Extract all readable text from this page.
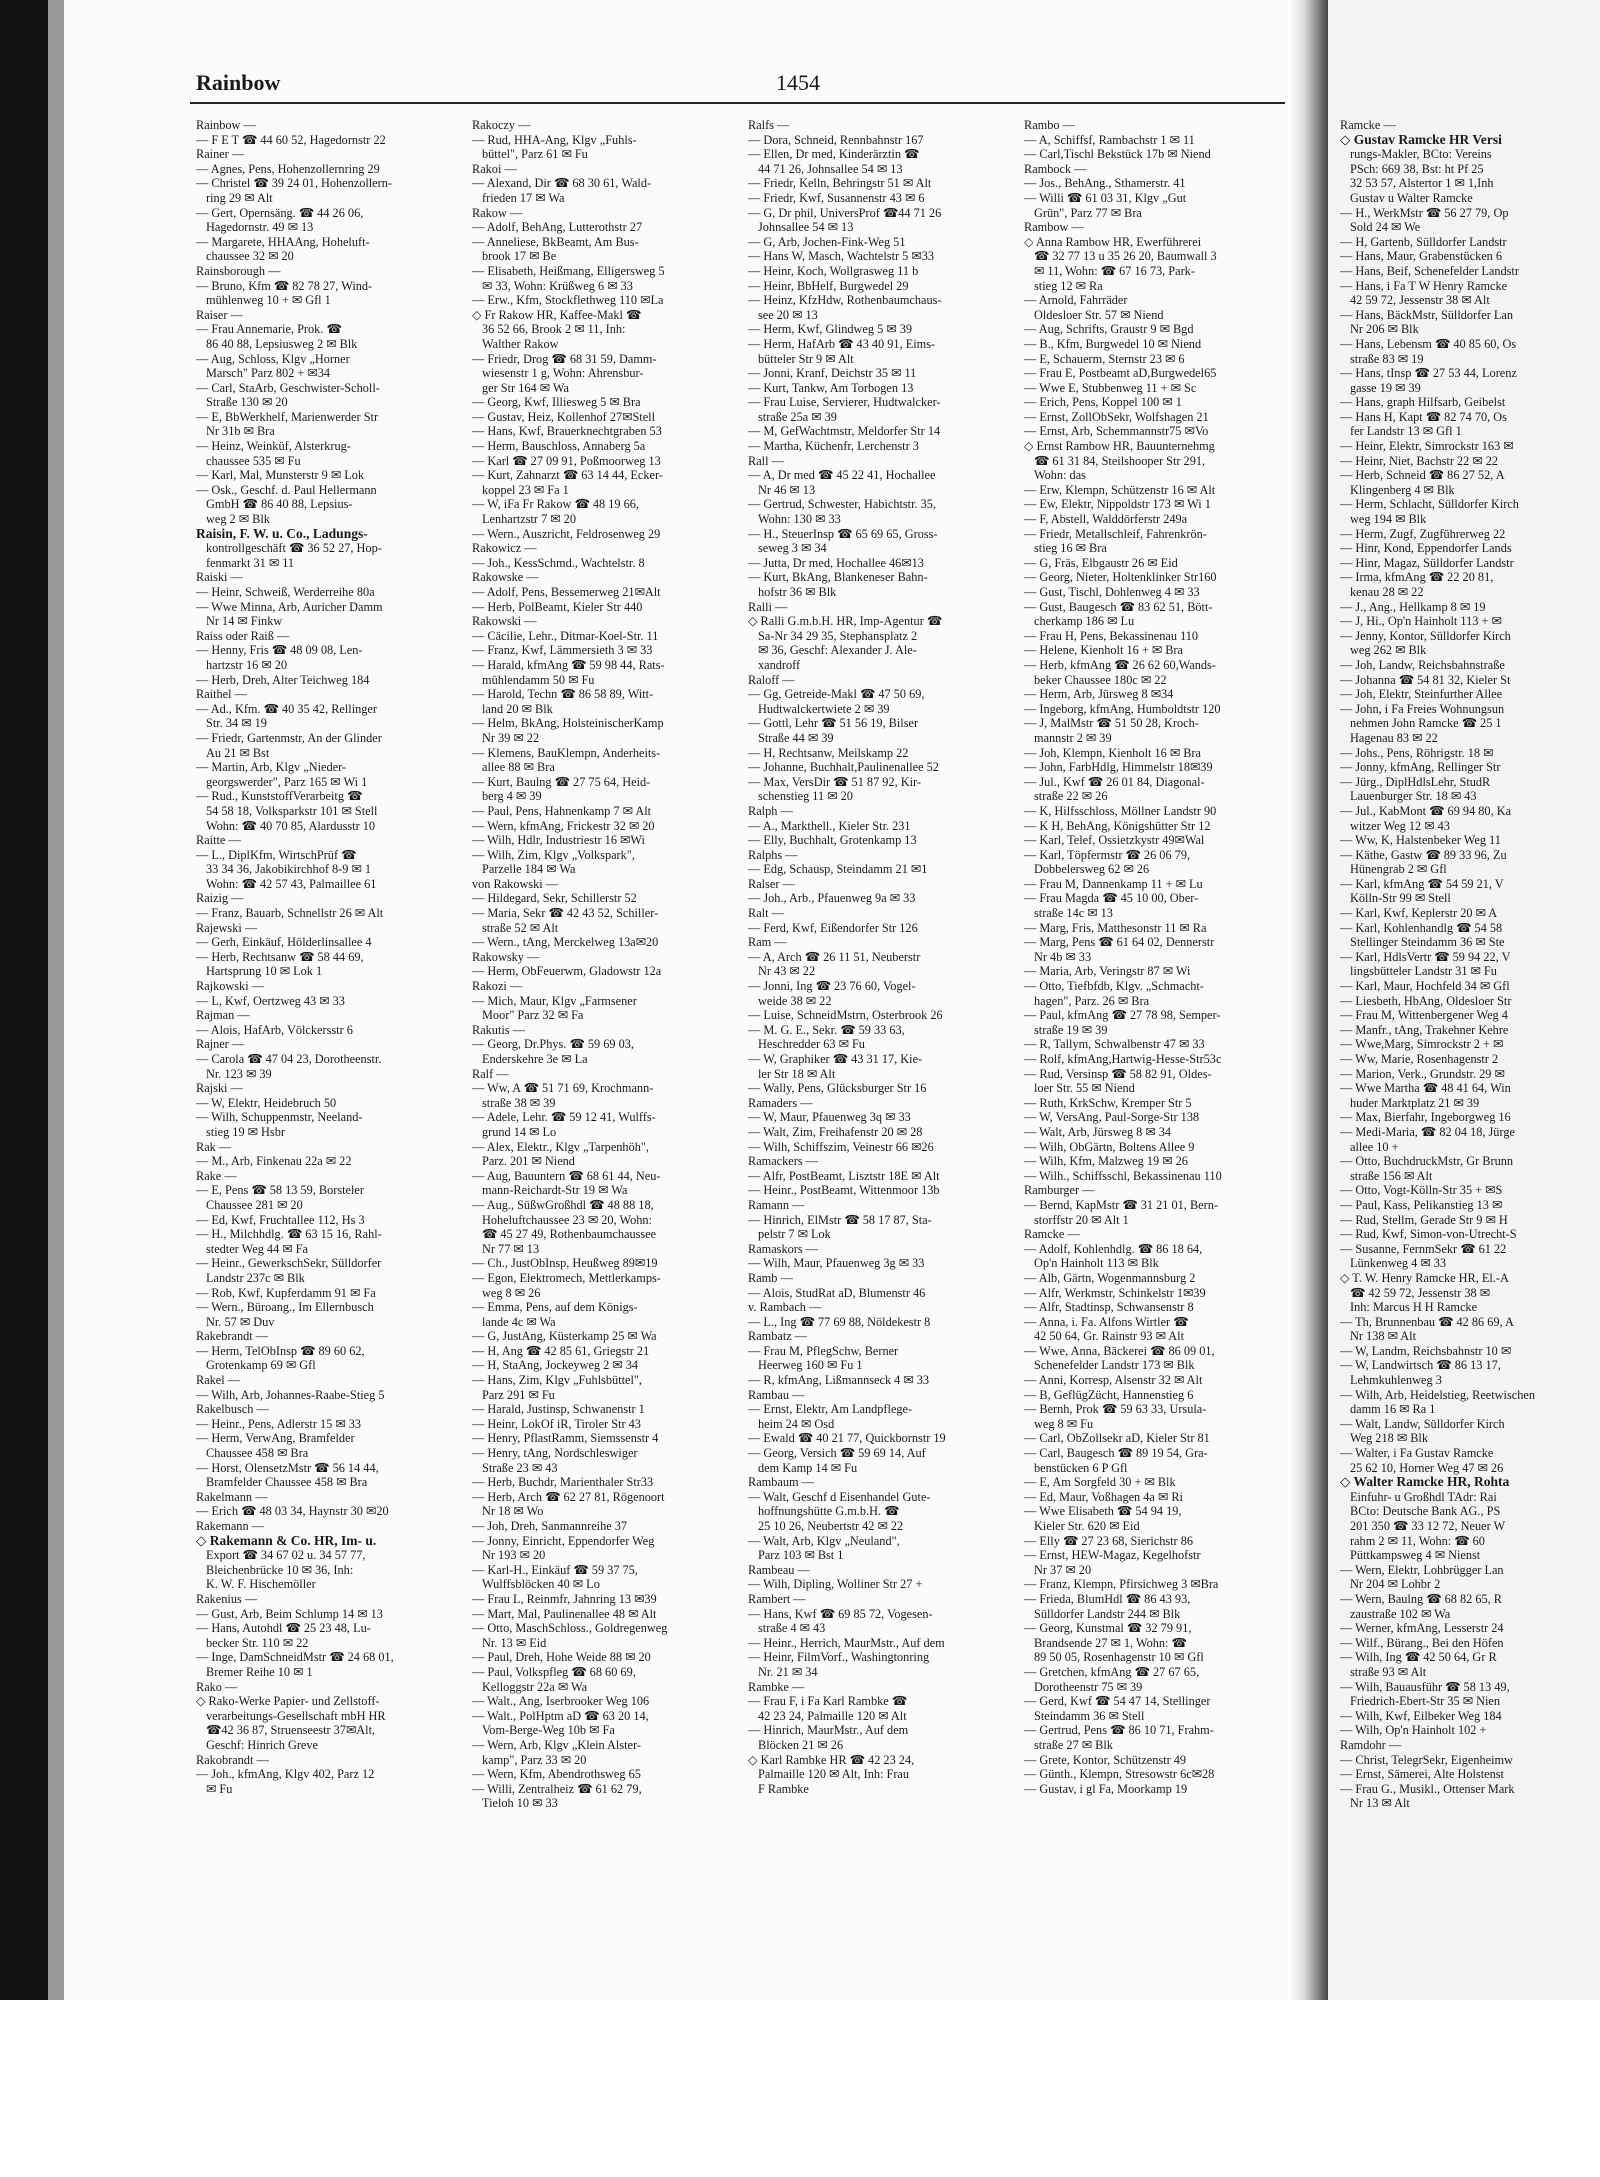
Rainbow	1454
Rainbow —
— F E T ☎ 44 60 52, Hagedornstr 22
Rainer —
— Agnes, Pens, Hohenzollernring 29
— Christel ☎ 39 24 01, Hohenzollern-
ring 29 ✉ Alt
— Gert, Opernsäng. ☎ 44 26 06,
Hagedornstr. 49 ✉ 13
— Margarete, HHAAng, Hoheluft-
chaussee 32 ✉ 20
Rainsborough —
— Bruno, Kfm ☎ 82 78 27, Wind-
mühlenweg 10 + ✉ Gfl 1
Raiser —
— Frau Annemarie, Prok. ☎
86 40 88, Lepsiusweg 2 ✉ Blk
— Aug, Schloss, Klgv „Horner
Marsch" Parz 802 + ✉34
— Carl, StaArb, Geschwister-Scholl-
Straße 130 ✉ 20
— E, BbWerkhelf, Marienwerder Str
Nr 31b ✉ Bra
— Heinz, Weinküf, Alsterkrug-
chaussee 535 ✉ Fu
— Karl, Mal, Munsterstr 9 ✉ Lok
— Osk., Geschf. d. Paul Hellermann
GmbH ☎ 86 40 88, Lepsius-
weg 2 ✉ Blk
Raisin, F. W. u. Co., Ladungs-
kontrollgeschäft ☎ 36 52 27, Hop-
fenmarkt 31 ✉ 11
Raiski —
— Heinr, Schweiß, Werderreihe 80a
— Wwe Minna, Arb, Auricher Damm
Nr 14 ✉ Finkw
Raiss oder Raiß —
— Henny, Fris ☎ 48 09 08, Len-
hartzstr 16 ✉ 20
— Herb, Dreh, Alter Teichweg 184
Raithel —
— Ad., Kfm. ☎ 40 35 42, Rellinger
Str. 34 ✉ 19
— Friedr, Gartenmstr, An der Glinder
Au 21 ✉ Bst
— Martin, Arb, Klgv „Nieder-
georgswerder", Parz 165 ✉ Wi 1
— Rud., KunststoffVerarbeitg ☎
54 58 18, Volksparkstr 101 ✉ Stell
Wohn: ☎ 40 70 85, Alardusstr 10
Raitte —
— L., DiplKfm, WirtschPrüf ☎
33 34 36, Jakobikirchhof 8-9 ✉ 1
Wohn: ☎ 42 57 43, Palmaillee 61
Raizig —
— Franz, Bauarb, Schnellstr 26 ✉ Alt
Rajewski —
— Gerh, Einkäuf, Hölderlinsallee 4
— Herb, Rechtsanw ☎ 58 44 69,
Hartsprung 10 ✉ Lok 1
Rajkowski —
— L, Kwf, Oertzweg 43 ✉ 33
Rajman —
— Alois, HafArb, Völckersstr 6
Rajner —
— Carola ☎ 47 04 23, Dorotheenstr.
Nr. 123 ✉ 39
Rajski —
— W, Elektr, Heidebruch 50
— Wilh, Schuppenmstr, Neeland-
stieg 19 ✉ Hsbr
Rak —
— M., Arb, Finkenau 22a ✉ 22
Rake —
— E, Pens ☎ 58 13 59, Borsteler
Chaussee 281 ✉ 20
— Ed, Kwf, Fruchtallee 112, Hs 3
— H., Milchhdlg. ☎ 63 15 16, Rahl-
stedter Weg 44 ✉ Fa
— Heinr., GewerkschSekr, Sülldorfer
Landstr 237c ✉ Blk
— Rob, Kwf, Kupferdamm 91 ✉ Fa
— Wern., Büroang., Im Ellernbusch
Nr. 57 ✉ Duv
Rakebrandt —
— Herm, TelObInsp ☎ 89 60 62,
Grotenkamp 69 ✉ Gfl
Rakel —
— Wilh, Arb, Johannes-Raabe-Stieg 5
Rakelbusch —
— Heinr., Pens, Adlerstr 15 ✉ 33
— Herm, VerwAng, Bramfelder
Chaussee 458 ✉ Bra
— Horst, OlensetzMstr ☎ 56 14 44,
Bramfelder Chaussee 458 ✉ Bra
Rakelmann —
— Erich ☎ 48 03 34, Haynstr 30 ✉20
Rakemann —
◇ Rakemann & Co. HR, Im- u.
Export ☎ 34 67 02 u. 34 57 77,
Bleichenbrücke 10 ✉ 36, Inh:
K. W. F. Hischemöller
Rakenius —
— Gust, Arb, Beim Schlump 14 ✉ 13
— Hans, Autohdl ☎ 25 23 48, Lu-
becker Str. 110 ✉ 22
— Inge, DamSchneidMstr ☎ 24 68 01,
Bremer Reihe 10 ✉ 1
Rako —
◇ Rako-Werke Papier- und Zellstoff-
verarbeitungs-Gesellschaft mbH HR
☎42 36 87, Struenseestr 37✉Alt,
Geschf: Hinrich Greve
Rakobrandt —
— Joh., kfmAng, Klgv 402, Parz 12
✉ Fu
Rakoczy —
— Rud, HHA-Ang, Klgv „Fuhls-
büttel", Parz 61 ✉ Fu
Rakoi —
— Alexand, Dir ☎ 68 30 61, Wald-
frieden 17 ✉ Wa
Rakow —
— Adolf, BehAng, Lutterothstr 27
— Anneliese, BkBeamt, Am Bus-
brook 17 ✉ Be
— Elisabeth, Heißmang, Elligersweg 5
✉ 33, Wohn: Krüßweg 6 ✉ 33
— Erw., Kfm, Stockflethweg 110 ✉La
◇ Fr Rakow HR, Kaffee-Makl ☎
36 52 66, Brook 2 ✉ 11, Inh:
Walther Rakow
— Friedr, Drog ☎ 68 31 59, Damm-
wiesenstr 1 g, Wohn: Ahrensbur-
ger Str 164 ✉ Wa
— Georg, Kwf, Illiesweg 5 ✉ Bra
— Gustav, Heiz, Kollenhof 27✉Stell
— Hans, Kwf, Brauerknechtgraben 53
— Herm, Bauschloss, Annaberg 5a
— Karl ☎ 27 09 91, Poßmoorweg 13
— Kurt, Zahnarzt ☎ 63 14 44, Ecker-
koppel 23 ✉ Fa 1
— W, iFa Fr Rakow ☎ 48 19 66,
Lenhartzstr 7 ✉ 20
— Wern., Auszricht, Feldrosenweg 29
Rakowicz —
— Joh., KessSchmd., Wachtelstr. 8
Rakowske —
— Adolf, Pens, Bessemerweg 21✉Alt
— Herb, PolBeamt, Kieler Str 440
Rakowski —
— Cäcilie, Lehr., Ditmar-Koel-Str. 11
— Franz, Kwf, Lämmersieth 3 ✉ 33
— Harald, kfmAng ☎ 59 98 44, Rats-
mühlendamm 50 ✉ Fu
— Harold, Techn ☎ 86 58 89, Witt-
land 20 ✉ Blk
— Helm, BkAng, HolsteinischerKamp
Nr 39 ✉ 22
— Klemens, BauKlempn, Anderheits-
allee 88 ✉ Bra
— Kurt, Baulng ☎ 27 75 64, Heid-
berg 4 ✉ 39
— Paul, Pens, Hahnenkamp 7 ✉ Alt
— Wern, kfmAng, Frickestr 32 ✉ 20
— Wilh, Hdlr, Industriestr 16 ✉Wi
— Wilh, Zim, Klgv „Volkspark",
Parzelle 184 ✉ Wa
von Rakowski —
— Hildegard, Sekr, Schillerstr 52
— Maria, Sekr ☎ 42 43 52, Schiller-
straße 52 ✉ Alt
— Wern., tAng, Merckelweg 13a✉20
Rakowsky —
— Herm, ObFeuerwm, Gladowstr 12a
Rakozi —
— Mich, Maur, Klgv „Farmsener
Moor" Parz 32 ✉ Fa
Rakutis —
— Georg, Dr.Phys. ☎ 59 69 03,
Enderskehre 3e ✉ La
Ralf —
— Ww, A ☎ 51 71 69, Krochmann-
straße 38 ✉ 39
— Adele, Lehr. ☎ 59 12 41, Wulffs-
grund 14 ✉ Lo
— Alex, Elektr., Klgv „Tarpenhöh",
Parz. 201 ✉ Niend
— Aug, Bauuntern ☎ 68 61 44, Neu-
mann-Reichardt-Str 19 ✉ Wa
— Aug., SüßwGroßhdl ☎ 48 88 18,
Hoheluftchaussee 23 ✉ 20, Wohn:
☎ 45 27 49, Rothenbaumchaussee
Nr 77 ✉ 13
— Ch., JustObInsp, Heußweg 89✉19
— Egon, Elektromech, Mettlerkamps-
weg 8 ✉ 26
— Emma, Pens, auf dem Königs-
lande 4c ✉ Wa
— G, JustAng, Küsterkamp 25 ✉ Wa
— H, Ang ☎ 42 85 61, Griegstr 21
— H, StaAng, Jockeyweg 2 ✉ 34
— Hans, Zim, Klgv „Fuhlsbüttel",
Parz 291 ✉ Fu
— Harald, Justinsp, Schwanenstr 1
— Heinr, LokOf iR, Tiroler Str 43
— Henry, PflastRamm, Siemssenstr 4
— Henry, tAng, Nordschleswiger
Straße 23 ✉ 43
— Herb, Buchdr, Marienthaler Str33
— Herb, Arch ☎ 62 27 81, Rögenoort
Nr 18 ✉ Wo
— Joh, Dreh, Sanmannreihe 37
— Jonny, Einricht, Eppendorfer Weg
Nr 193 ✉ 20
— Karl-H., Einkäuf ☎ 59 37 75,
Wulffsblöcken 40 ✉ Lo
— Frau L, Reinmfr, Jahnring 13 ✉39
— Mart, Mal, Paulinenallee 48 ✉ Alt
— Otto, MaschSchloss., Goldregenweg
Nr. 13 ✉ Eid
— Paul, Dreh, Hohe Weide 88 ✉ 20
— Paul, Volkspfleg ☎ 68 60 69,
Kelloggstr 22a ✉ Wa
— Walt., Ang, Iserbrooker Weg 106
— Walt., PolHptm aD ☎ 63 20 14,
Vom-Berge-Weg 10b ✉ Fa
— Wern, Arb, Klgv „Klein Alster-
kamp", Parz 33 ✉ 20
— Wern, Kfm, Abendrothsweg 65
— Willi, Zentralheiz ☎ 61 62 79,
Tieloh 10 ✉ 33
Ralfs —
— Dora, Schneid, Rennbahnstr 167
— Ellen, Dr med, Kinderärztin ☎
44 71 26, Johnsallee 54 ✉ 13
— Friedr, Kelln, Behringstr 51 ✉ Alt
— Friedr, Kwf, Susannenstr 43 ✉ 6
— G, Dr phil, UniversProf ☎44 71 26
Johnsallee 54 ✉ 13
— G, Arb, Jochen-Fink-Weg 51
— Hans W, Masch, Wachtelstr 5 ✉33
— Heinr, Koch, Wollgrasweg 11 b
— Heinr, BbHelf, Burgwedel 29
— Heinz, KfzHdw, Rothenbaumchaus-
see 20 ✉ 13
— Herm, Kwf, Glindweg 5 ✉ 39
— Herm, HafArb ☎ 43 40 91, Eims-
bütteler Str 9 ✉ Alt
— Jonni, Kranf, Deichstr 35 ✉ 11
— Kurt, Tankw, Am Torbogen 13
— Frau Luise, Servierer, Hudtwalcker-
straße 25a ✉ 39
— M, GefWachtmstr, Meldorfer Str 14
— Martha, Küchenfr, Lerchenstr 3
Rall —
— A, Dr med ☎ 45 22 41, Hochallee
Nr 46 ✉ 13
— Gertrud, Schwester, Habichtstr. 35,
Wohn: 130 ✉ 33
— H., SteuerInsp ☎ 65 69 65, Gross-
seweg 3 ✉ 34
— Jutta, Dr med, Hochallee 46✉13
— Kurt, BkAng, Blankeneser Bahn-
hofstr 36 ✉ Blk
Ralli —
◇ Ralli G.m.b.H. HR, Imp-Agentur ☎
Sa-Nr 34 29 35, Stephansplatz 2
✉ 36, Geschf: Alexander J. Ale-
xandroff
Raloff —
— Gg, Getreide-Makl ☎ 47 50 69,
Hudtwalckertwiete 2 ✉ 39
— Gottl, Lehr ☎ 51 56 19, Bilser
Straße 44 ✉ 39
— H, Rechtsanw, Meilskamp 22
— Johanne, Buchhalt,Paulinenallee 52
— Max, VersDir ☎ 51 87 92, Kir-
schenstieg 11 ✉ 20
Ralph —
— A., Markthell., Kieler Str. 231
— Elly, Buchhalt, Grotenkamp 13
Ralphs —
— Edg, Schausp, Steindamm 21 ✉1
Ralser —
— Joh., Arb., Pfauenweg 9a ✉ 33
Ralt —
— Ferd, Kwf, Eißendorfer Str 126
Ram —
— A, Arch ☎ 26 11 51, Neuberstr
Nr 43 ✉ 22
— Jonni, Ing ☎ 23 76 60, Vogel-
weide 38 ✉ 22
— Luise, SchneidMstrn, Osterbrook 26
— M. G. E., Sekr. ☎ 59 33 63,
Heschredder 63 ✉ Fu
— W, Graphiker ☎ 43 31 17, Kie-
ler Str 18 ✉ Alt
— Wally, Pens, Glücksburger Str 16
Ramaders —
— W, Maur, Pfauenweg 3q ✉ 33
— Walt, Zim, Freihafenstr 20 ✉ 28
— Wilh, Schiffszim, Veinestr 66 ✉26
Ramackers —
— Alfr, PostBeamt, Lisztstr 18E ✉ Alt
— Heinr., PostBeamt, Wittenmoor 13b
Ramann —
— Hinrich, ElMstr ☎ 58 17 87, Sta-
pelstr 7 ✉ Lok
Ramaskors —
— Wilh, Maur, Pfauenweg 3g ✉ 33
Ramb —
— Alois, StudRat aD, Blumenstr 46
v. Rambach —
— L., Ing ☎ 77 69 88, Nöldekestr 8
Rambatz —
— Frau M, PflegSchw, Berner
Heerweg 160 ✉ Fu 1
— R, kfmAng, Lißmannseck 4 ✉ 33
Rambau —
— Ernst, Elektr, Am Landpflege-
heim 24 ✉ Osd
— Ewald ☎ 40 21 77, Quickbornstr 19
— Georg, Versich ☎ 59 69 14, Auf
dem Kamp 14 ✉ Fu
Rambaum —
— Walt, Geschf d Eisenhandel Gute-
hoffnungshütte G.m.b.H. ☎
25 10 26, Neubertstr 42 ✉ 22
— Walt, Arb, Klgv „Neuland",
Parz 103 ✉ Bst 1
Rambeau —
— Wilh, Dipling, Wolliner Str 27 +
Rambert —
— Hans, Kwf ☎ 69 85 72, Vogesen-
straße 4 ✉ 43
— Heinr., Herrich, MaurMstr., Auf dem
— Heinr, FilmVorf., Washingtonring
Nr. 21 ✉ 34
Rambke —
— Frau F, i Fa Karl Rambke ☎
42 23 24, Palmaille 120 ✉ Alt
— Hinrich, MaurMstr., Auf dem
Blöcken 21 ✉ 26
◇ Karl Rambke HR ☎ 42 23 24,
Palmaille 120 ✉ Alt, Inh: Frau
F Rambke
Rambo —
— A, Schiffsf, Rambachstr 1 ✉ 11
— Carl,Tischl Bekstück 17b ✉ Niend
Rambock —
— Jos., BehAng., Sthamerstr. 41
— Willi ☎ 61 03 31, Klgv „Gut
Grün", Parz 77 ✉ Bra
Rambow —
◇ Anna Rambow HR, Ewerführerei
☎ 32 77 13 u 35 26 20, Baumwall 3
✉ 11, Wohn: ☎ 67 16 73, Park-
stieg 12 ✉ Ra
— Arnold, Fahrräder
Oldesloer Str. 57 ✉ Niend
— Aug, Schrifts, Graustr 9 ✉ Bgd
— B., Kfm, Burgwedel 10 ✉ Niend
— E, Schauerm, Sternstr 23 ✉ 6
— Frau E, Postbeamt aD,Burgwedel65
— Wwe E, Stubbenweg 11 + ✉ Sc
— Erich, Pens, Koppel 100 ✉ 1
— Ernst, ZollObSekr, Wolfshagen 21
— Ernst, Arb, Schemmannstr75 ✉Vo
◇ Ernst Rambow HR, Bauunternehmg
☎ 61 31 84, Steilshooper Str 291,
Wohn: das
— Erw, Klempn, Schützenstr 16 ✉ Alt
— Ew, Elektr, Nippoldstr 173 ✉ Wi 1
— F, Abstell, Walddörferstr 249a
— Friedr, Metallschleif, Fahrenkrön-
stieg 16 ✉ Bra
— G, Fräs, Elbgaustr 26 ✉ Eid
— Georg, Nieter, Holtenklinker Str160
— Gust, Tischl, Dohlenweg 4 ✉ 33
— Gust, Baugesch ☎ 83 62 51, Bött-
cherkamp 186 ✉ Lu
— Frau H, Pens, Bekassinenau 110
— Helene, Kienholt 16 + ✉ Bra
— Herb, kfmAng ☎ 26 62 60,Wands-
beker Chaussee 180c ✉ 22
— Herm, Arb, Jürsweg 8 ✉34
— Ingeborg, kfmAng, Humboldtstr 120
— J, MalMstr ☎ 51 50 28, Kroch-
mannstr 2 ✉ 39
— Joh, Klempn, Kienholt 16 ✉ Bra
— John, FarbHdlg, Himmelstr 18✉39
— Jul., Kwf ☎ 26 01 84, Diagonal-
straße 22 ✉ 26
— K, Hilfsschloss, Möllner Landstr 90
— K H, BehAng, Königshütter Str 12
— Karl, Telef, Ossietzkystr 49✉Wal
— Karl, Töpfermstr ☎ 26 06 79,
Dobbelersweg 62 ✉ 26
— Frau M, Dannenkamp 11 + ✉ Lu
— Frau Magda ☎ 45 10 00, Ober-
straße 14c ✉ 13
— Marg, Fris, Matthesonstr 11 ✉ Ra
— Marg, Pens ☎ 61 64 02, Dennerstr
Nr 4b ✉ 33
— Maria, Arb, Veringstr 87 ✉ Wi
— Otto, Tiefbfdb, Klgv. „Schmacht-
hagen", Parz. 26 ✉ Bra
— Paul, kfmAng ☎ 27 78 98, Semper-
straße 19 ✉ 39
— R, Tallym, Schwalbenstr 47 ✉ 33
— Rolf, kfmAng,Hartwig-Hesse-Str53c
— Rud, Versinsp ☎ 58 82 91, Oldes-
loer Str. 55 ✉ Niend
— Ruth, KrkSchw, Kremper Str 5
— W, VersAng, Paul-Sorge-Str 138
— Walt, Arb, Jürsweg 8 ✉ 34
— Wilh, ObGärtn, Boltens Allee 9
— Wilh, Kfm, Malzweg 19 ✉ 26
— Wilh., Schiffsschl, Bekassinenau 110
Ramburger —
— Bernd, KapMstr ☎ 31 21 01, Bern-
storffstr 20 ✉ Alt 1
Ramcke —
— Adolf, Kohlenhdlg. ☎ 86 18 64,
Op'n Hainholt 113 ✉ Blk
— Alb, Gärtn, Wogenmannsburg 2
— Alfr, Werkmstr, Schinkelstr 1✉39
— Alfr, Stadtinsp, Schwansenstr 8
— Anna, i. Fa. Alfons Wirtler ☎
42 50 64, Gr. Rainstr 93 ✉ Alt
— Wwe, Anna, Bäckerei ☎ 86 09 01,
Schenefelder Landstr 173 ✉ Blk
— Anni, Korresp, Alsenstr 32 ✉ Alt
— B, GeflügZücht, Hannenstieg 6
— Bernh, Prok ☎ 59 63 33, Ursula-
weg 8 ✉ Fu
— Carl, ObZollsekr aD, Kieler Str 81
— Carl, Baugesch ☎ 89 19 54, Gra-
benstücken 6 P Gfl
— E, Am Sorgfeld 30 + ✉ Blk
— Ed, Maur, Voßhagen 4a ✉ Ri
— Wwe Elisabeth ☎ 54 94 19,
Kieler Str. 620 ✉ Eid
— Elly ☎ 27 23 68, Sierichstr 86
— Ernst, HEW-Magaz, Kegelhofstr
Nr 37 ✉ 20
— Franz, Klempn, Pfirsichweg 3 ✉Bra
— Frieda, BlumHdl ☎ 86 43 93,
Sülldorfer Landstr 244 ✉ Blk
— Georg, Kunstmal ☎ 32 79 91,
Brandsende 27 ✉ 1, Wohn: ☎
89 50 05, Rosenhagenstr 10 ✉ Gfl
— Gretchen, kfmAng ☎ 27 67 65,
Dorotheenstr 75 ✉ 39
— Gerd, Kwf ☎ 54 47 14, Stellinger
Steindamm 36 ✉ Stell
— Gertrud, Pens ☎ 86 10 71, Frahm-
straße 27 ✉ Blk
— Grete, Kontor, Schützenstr 49
— Günth., Klempn, Stresowstr 6c✉28
— Gustav, i gl Fa, Moorkamp 19
Ramcke —
◇ Gustav Ramcke HR Versi
rungs-Makler, BCto: Vereins
PSch: 669 38, Bst: ht Pf 25
32 53 57, Alstertor 1 ✉ 1,Inh
Gustav u Walter Ramcke
— H., WerkMstr ☎ 56 27 79, Op
Sold 24 ✉ We
— H, Gartenb, Sülldorfer Landstr
— Hans, Maur, Grabenstücken 6
— Hans, Beif, Schenefelder Landstr
— Hans, i Fa T W Henry Ramcke
42 59 72, Jessenstr 38 ✉ Alt
— Hans, BäckMstr, Sülldorfer Lan
Nr 206 ✉ Blk
— Hans, Lebensm ☎ 40 85 60, Os
straße 83 ✉ 19
— Hans, tInsp ☎ 27 53 44, Lorenz
gasse 19 ✉ 39
— Hans, graph Hilfsarb, Geibelst
— Hans H, Kapt ☎ 82 74 70, Os
fer Landstr 13 ✉ Gfl 1
— Heinr, Elektr, Simrockstr 163 ✉
— Heinr, Niet, Bachstr 22 ✉ 22
— Herb, Schneid ☎ 86 27 52, A
Klingenberg 4 ✉ Blk
— Herm, Schlacht, Sülldorfer Kirch
weg 194 ✉ Blk
— Herm, Zugf, Zugführerweg 22
— Hinr, Kond, Eppendorfer Lands
— Hinr, Magaz, Sülldorfer Landstr
— Irma, kfmAng ☎ 22 20 81,
kenau 28 ✉ 22
— J., Ang., Hellkamp 8 ✉ 19
— J, Hi., Op'n Hainholt 113 + ✉
— Jenny, Kontor, Sülldorfer Kirch
weg 262 ✉ Blk
— Joh, Landw, Reichsbahnstraße
— Johanna ☎ 54 81 32, Kieler St
— Joh, Elektr, Steinfurther Allee
— John, i Fa Freies Wohnungsun
nehmen John Ramcke ☎ 25 1
Hagenau 83 ✉ 22
— Johs., Pens, Röhrigstr. 18 ✉
— Jonny, kfmAng, Rellinger Str
— Jürg., DiplHdlsLehr, StudR
Lauenburger Str. 18 ✉ 43
— Jul., KabMont ☎ 69 94 80, Ka
witzer Weg 12 ✉ 43
— Ww, K, Halstenbeker Weg 11
— Käthe, Gastw ☎ 89 33 96, Zu
Hünengrab 2 ✉ Gfl
— Karl, kfmAng ☎ 54 59 21, V
Kölln-Str 99 ✉ Stell
— Karl, Kwf, Keplerstr 20 ✉ A
— Karl, Kohlenhandlg ☎ 54 58
Stellinger Steindamm 36 ✉ Ste
— Karl, HdlsVertr ☎ 59 94 22, V
lingsbütteler Landstr 31 ✉ Fu
— Karl, Maur, Hochfeld 34 ✉ Gfl
— Liesbeth, HbAng, Oldesloer Str
— Frau M, Wittenbergener Weg 4
— Manfr., tAng, Trakehner Kehre
— Wwe,Marg, Simrockstr 2 + ✉
— Ww, Marie, Rosenhagenstr 2
— Marion, Verk., Grundstr. 29 ✉
— Wwe Martha ☎ 48 41 64, Win
huder Marktplatz 21 ✉ 39
— Max, Bierfahr, Ingeborgweg 16
— Medi-Maria, ☎ 82 04 18, Jürge
allee 10 +
— Otto, BuchdruckMstr, Gr Brunn
straße 156 ✉ Alt
— Otto, Vogt-Kölln-Str 35 + ✉S
— Paul, Kass, Pelikanstieg 13 ✉
— Rud, Stellm, Gerade Str 9 ✉ H
— Rud, Kwf, Simon-von-Utrecht-S
— Susanne, FernmSekr ☎ 61 22
Lünkenweg 4 ✉ 33
◇ T. W. Henry Ramcke HR, El.-A
☎ 42 59 72, Jessenstr 38 ✉
Inh: Marcus H H Ramcke
— Th, Brunnenbau ☎ 42 86 69, A
Nr 138 ✉ Alt
— W, Landm, Reichsbahnstr 10 ✉
— W, Landwirtsch ☎ 86 13 17,
Lehmkuhlenweg 3
— Wilh, Arb, Heidelstieg, Reetwischen
damm 16 ✉ Ra 1
— Walt, Landw, Sülldorfer Kirch
Weg 218 ✉ Blk
— Walter, i Fa Gustav Ramcke
25 62 10, Horner Weg 47 ✉ 26
◇ Walter Ramcke HR, Rohta
Einfuhr- u Großhdl TAdr: Rai
BCto: Deutsche Bank AG., PS
201 350 ☎ 33 12 72, Neuer W
rahm 2 ✉ 11, Wohn: ☎ 60
Püttkampsweg 4 ✉ Nienst
— Wern, Elektr, Lohbrügger Lan
Nr 204 ✉ Lohbr 2
— Wern, Baulng ☎ 68 82 65, R
zaustraße 102 ✉ Wa
— Werner, kfmAng, Lesserstr 24
— Wilf., Bürang., Bei den Höfen
— Wilh, Ing ☎ 42 50 64, Gr R
straße 93 ✉ Alt
— Wilh, Bauausführ ☎ 58 13 49,
Friedrich-Ebert-Str 35 ✉ Nien
— Wilh, Kwf, Eilbeker Weg 184
— Wilh, Op'n Hainholt 102 +
Ramdohr —
— Christ, TelegrSekr, Eigenheimw
— Ernst, Sämerei, Alte Holstenst
— Frau G., Musikl., Ottenser Mark
Nr 13 ✉ Alt
